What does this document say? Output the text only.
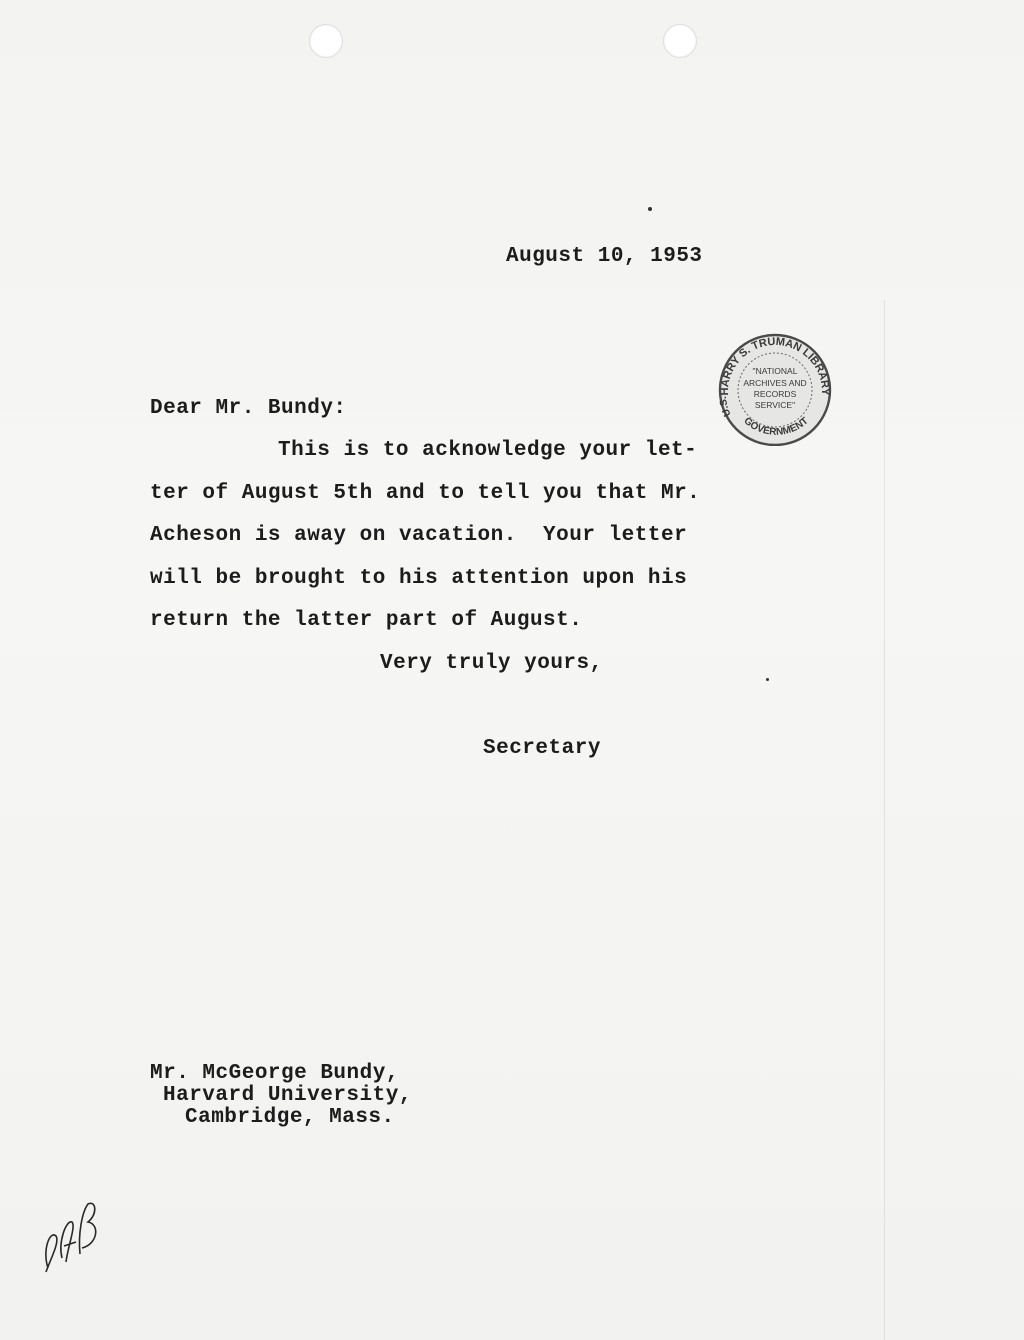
August 10, 1953
Dear Mr. Bundy:
This is to acknowledge your let-
ter of August 5th and to tell you that Mr.
Acheson is away on vacation.  Your letter
will be brought to his attention upon his
return the latter part of August.
Very truly yours,
Secretary
Mr. McGeorge Bundy,
Harvard University,
Cambridge, Mass.
HARRY S. TRUMAN LIBRARY
U.S.
GOVERNMENT
"NATIONAL
ARCHIVES AND
RECORDS
SERVICE"
